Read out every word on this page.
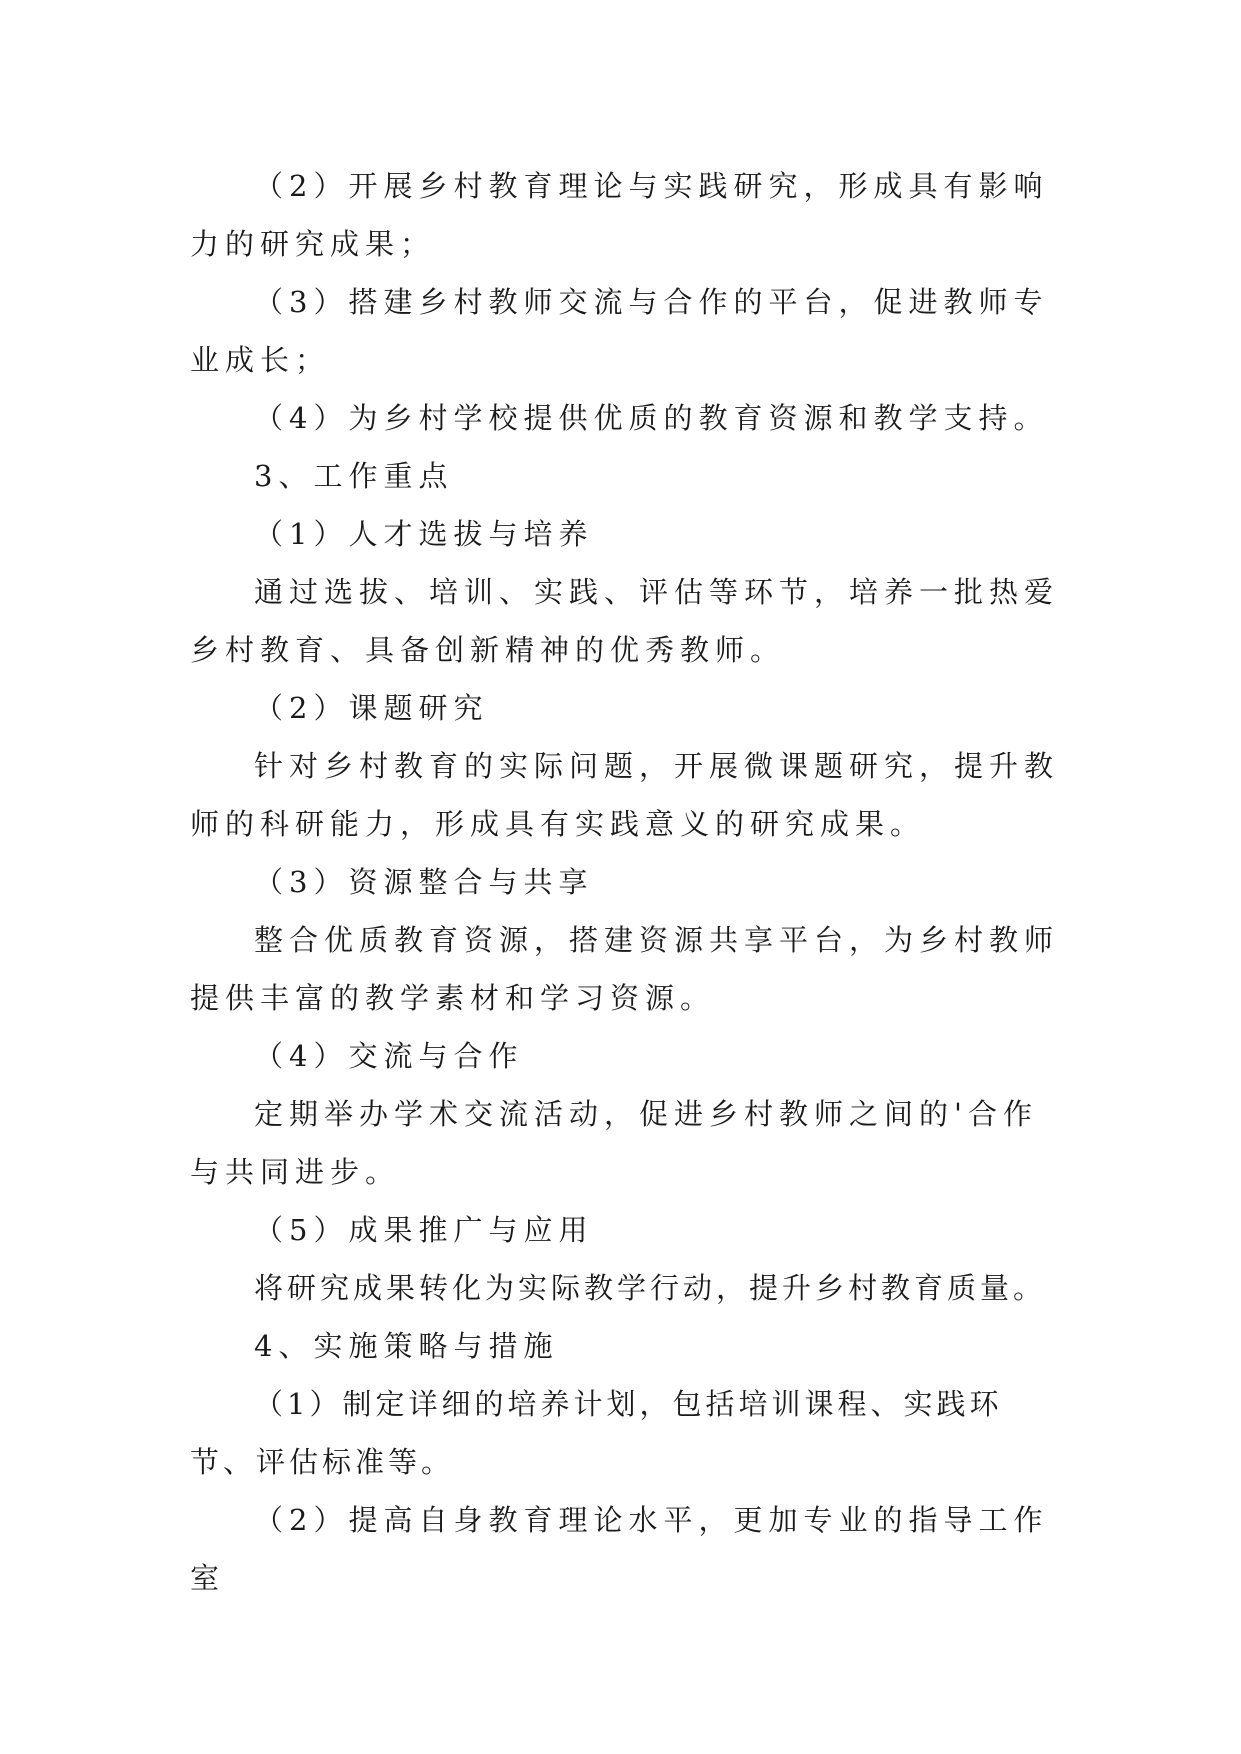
（2）开展乡村教育理论与实践研究，形成具有影响力的研究成果；

（3）搭建乡村教师交流与合作的平台，促进教师专业成长；

（4）为乡村学校提供优质的教育资源和教学支持。

3、工作重点

（1）人才选拔与培养

通过选拔、培训、实践、评估等环节，培养一批热爱乡村教育、具备创新精神的优秀教师。

（2）课题研究

针对乡村教育的实际问题，开展微课题研究，提升教师的科研能力，形成具有实践意义的研究成果。

（3）资源整合与共享

整合优质教育资源，搭建资源共享平台，为乡村教师提供丰富的教学素材和学习资源。

（4）交流与合作

定期举办学术交流活动，促进乡村教师之间的'合作与共同进步。

（5）成果推广与应用

将研究成果转化为实际教学行动，提升乡村教育质量。

4、实施策略与措施

（1）制定详细的培养计划，包括培训课程、实践环节、评估标准等。

（2）提高自身教育理论水平，更加专业的指导工作室
